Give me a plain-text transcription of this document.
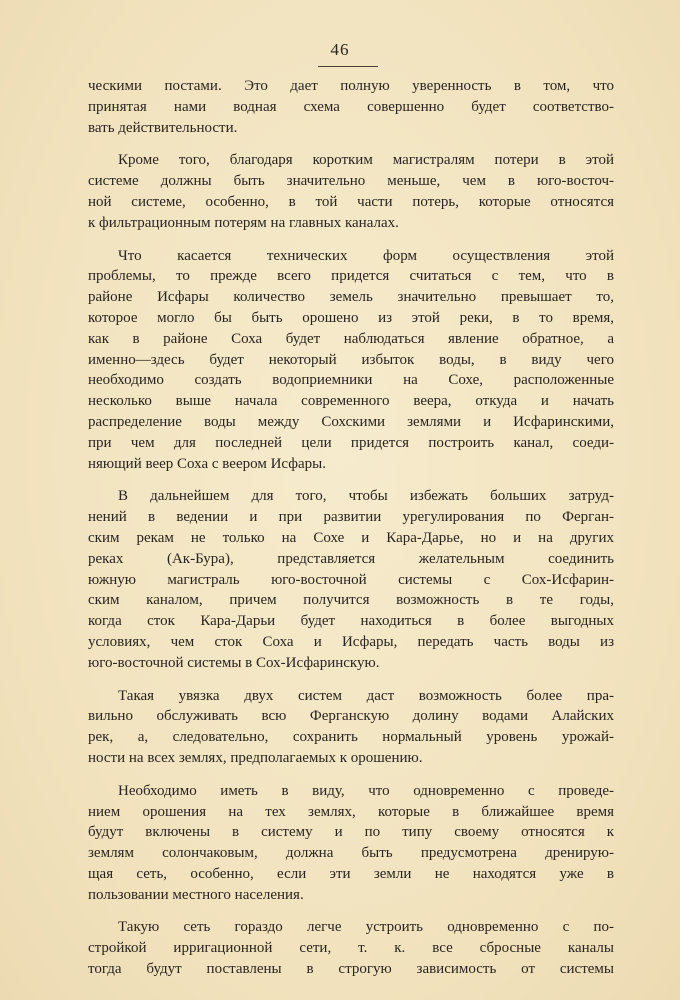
46
ческими постами. Это дает полную уверенность в том, что
принятая нами водная схема совершенно будет соответство-
вать действительности.
Кроме того, благодаря коротким магистралям потери в этой
системе должны быть значительно меньше, чем в юго-восточ-
ной системе, особенно, в той части потерь, которые относятся
к фильтрационным потерям на главных каналах.
Что касается технических форм осуществления этой
проблемы, то прежде всего придется считаться с тем, что в
районе Исфары количество земель значительно превышает то,
которое могло бы быть орошено из этой реки, в то время,
как в районе Соха будет наблюдаться явление обратное, а
именно—здесь будет некоторый избыток воды, в виду чего
необходимо создать водоприемники на Сохе, расположенные
несколько выше начала современного веера, откуда и начать
распределение воды между Сохскими землями и Исфаринскими,
при чем для последней цели придется построить канал, соеди-
няющий веер Соха с веером Исфары.
В дальнейшем для того, чтобы избежать больших затруд-
нений в ведении и при развитии урегулирования по Ферган-
ским рекам не только на Сохе и Кара-Дарье, но и на других
реках (Ак-Бура), представляется желательным соединить
южную магистраль юго-восточной системы с Сох-Исфарин-
ским каналом, причем получится возможность в те годы,
когда сток Кара-Дарьи будет находиться в более выгодных
условиях, чем сток Соха и Исфары, передать часть воды из
юго-восточной системы в Сох-Исфаринскую.
Такая увязка двух систем даст возможность более пра-
вильно обслуживать всю Ферганскую долину водами Алайских
рек, а, следовательно, сохранить нормальный уровень урожай-
ности на всех землях, предполагаемых к орошению.
Необходимо иметь в виду, что одновременно с проведе-
нием орошения на тех землях, которые в ближайшее время
будут включены в систему и по типу своему относятся к
землям солончаковым, должна быть предусмотрена дренирую-
щая сеть, особенно, если эти земли не находятся уже в
пользовании местного населения.
Такую сеть гораздо легче устроить одновременно с по-
стройкой ирригационной сети, т. к. все сбросные каналы
тогда будут поставлены в строгую зависимость от системы
